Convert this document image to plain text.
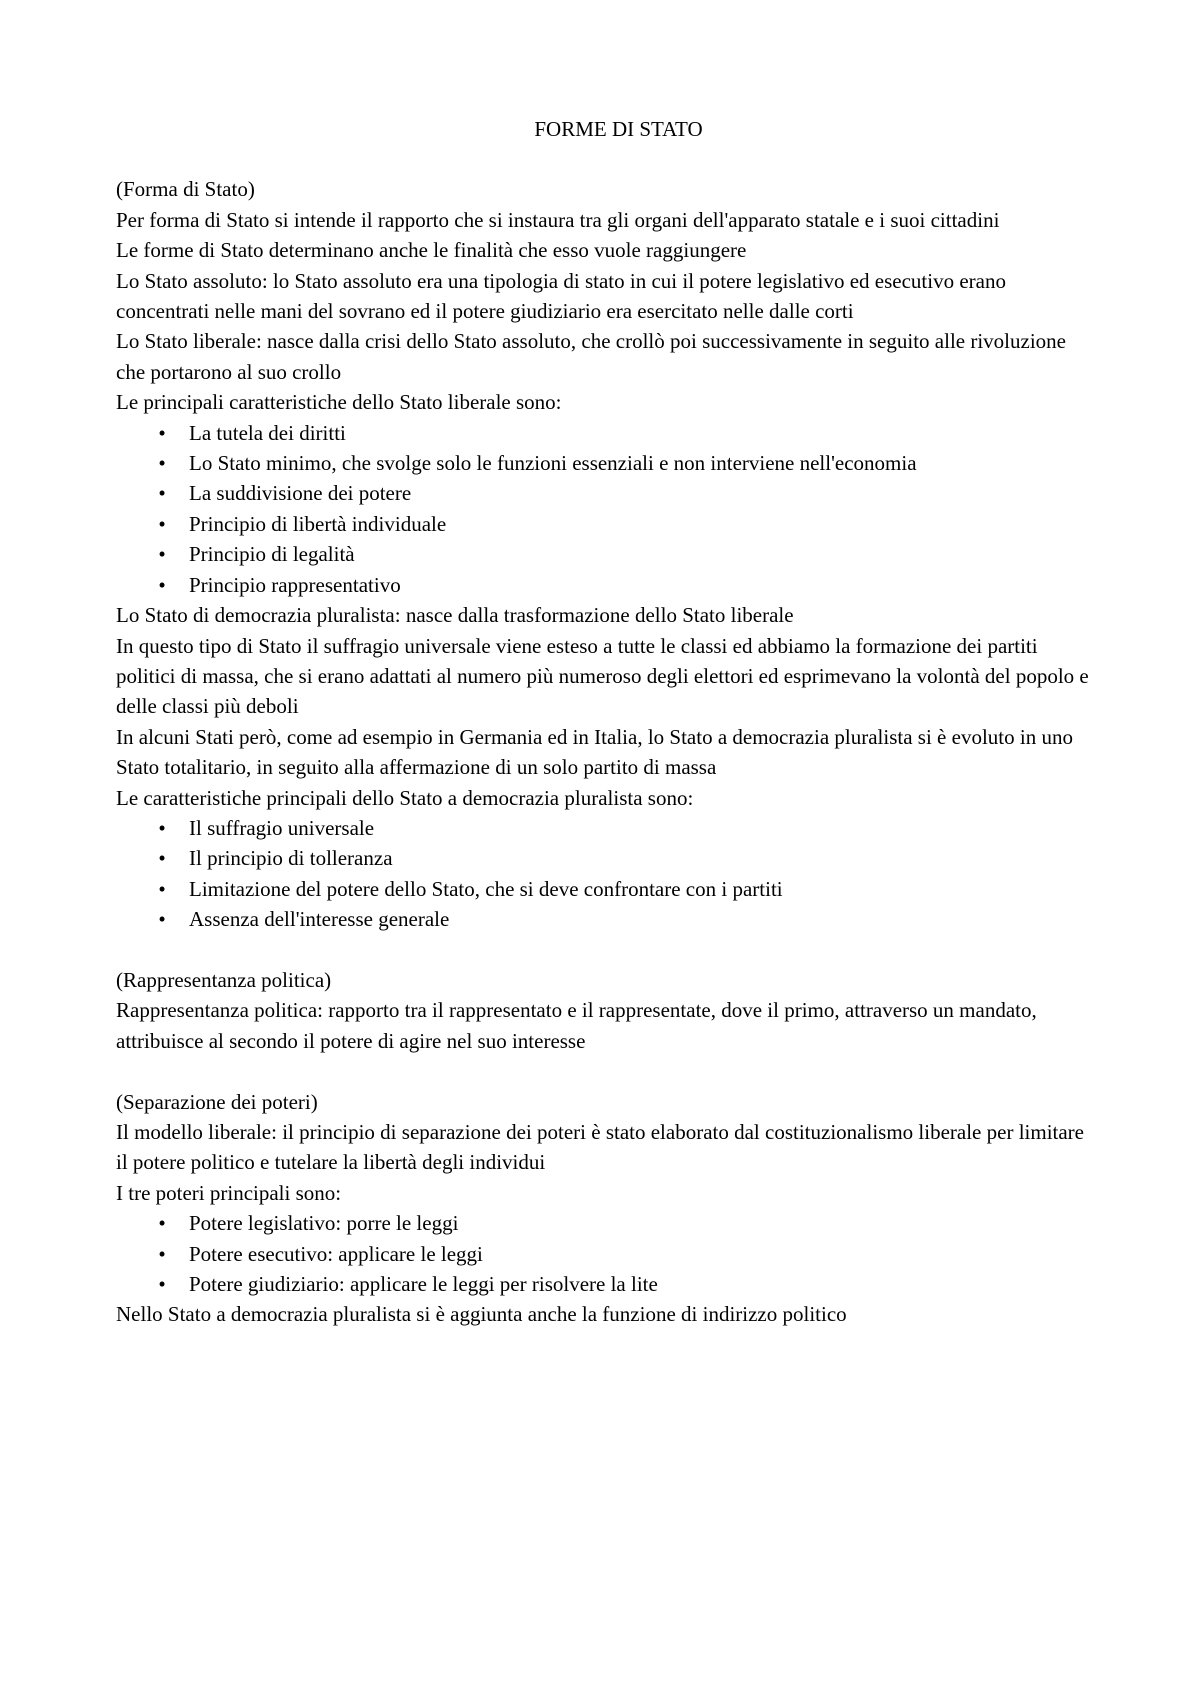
FORME DI STATO

(Forma di Stato)

Per forma di Stato si intende il rapporto che si instaura tra gli organi dell'apparato statale e i suoi cittadini

Le forme di Stato determinano anche le finalità che esso vuole raggiungere

Lo Stato assoluto: lo Stato assoluto era una tipologia di stato in cui il potere legislativo ed esecutivo erano concentrati nelle mani del sovrano ed il potere giudiziario era esercitato nelle dalle corti

Lo Stato liberale: nasce dalla crisi dello Stato assoluto, che crollò poi successivamente in seguito alle rivoluzione che portarono al suo crollo

Le principali caratteristiche dello Stato liberale sono:

• La tutela dei diritti
• Lo Stato minimo, che svolge solo le funzioni essenziali e non interviene nell'economia
• La suddivisione dei potere
• Principio di libertà individuale
• Principio di legalità
• Principio rappresentativo

Lo Stato di democrazia pluralista: nasce dalla trasformazione dello Stato liberale

In questo tipo di Stato il suffragio universale viene esteso a tutte le classi ed abbiamo la formazione dei partiti politici di massa, che si erano adattati al numero più numeroso degli elettori ed esprimevano la volontà del popolo e delle classi più deboli

In alcuni Stati però, come ad esempio in Germania ed in Italia, lo Stato a democrazia pluralista si è evoluto in uno Stato totalitario, in seguito alla affermazione di un solo partito di massa

Le caratteristiche principali dello Stato a democrazia pluralista sono:

• Il suffragio universale
• Il principio di tolleranza
• Limitazione del potere dello Stato, che si deve confrontare con i partiti
• Assenza dell'interesse generale

(Rappresentanza politica)

Rappresentanza politica: rapporto tra il rappresentato e il rappresentate, dove il primo, attraverso un mandato, attribuisce al secondo il potere di agire nel suo interesse

(Separazione dei poteri)

Il modello liberale: il principio di separazione dei poteri è stato elaborato dal costituzionalismo liberale per limitare il potere politico e tutelare la libertà degli individui

I tre poteri principali sono:

• Potere legislativo: porre le leggi
• Potere esecutivo: applicare le leggi
• Potere giudiziario: applicare le leggi per risolvere la lite

Nello Stato a democrazia pluralista si è aggiunta anche la funzione di indirizzo politico
